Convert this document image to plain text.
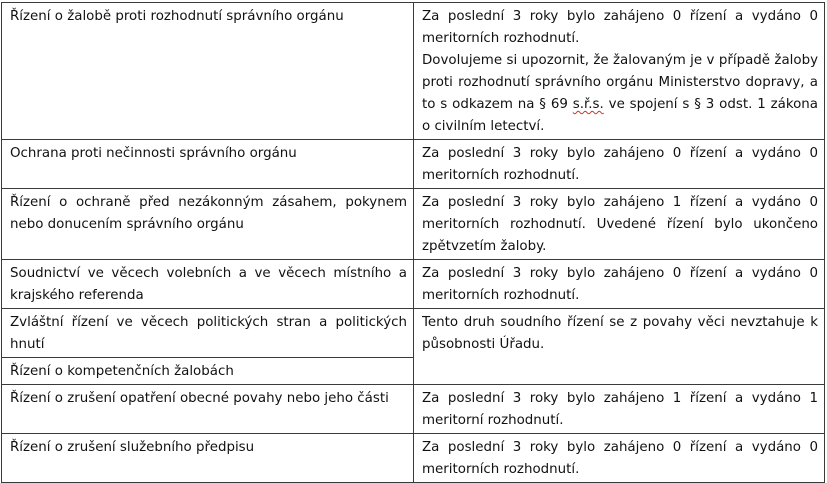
Řízení o žalobě proti rozhodnutí správního orgánu	Za poslední 3 roky bylo zahájeno 0 řízení a vydáno 0 meritorních rozhodnutí.
Dovolujeme si upozornit, že žalovaným je v případě žaloby proti rozhodnutí správního orgánu Ministerstvo dopravy, a to s odkazem na § 69 s.ř.s. ve spojení s § 3 odst. 1 zákona o civilním letectví.

Ochrana proti nečinnosti správního orgánu	Za poslední 3 roky bylo zahájeno 0 řízení a vydáno 0 meritorních rozhodnutí.
Řízení o ochraně před nezákonným zásahem, pokynem nebo donucením správního orgánu	Za poslední 3 roky bylo zahájeno 1 řízení a vydáno 0 meritorních rozhodnutí. Uvedené řízení bylo ukončeno zpětvzetím žaloby.
Soudnictví ve věcech volebních a ve věcech místního a krajského referenda	Za poslední 3 roky bylo zahájeno 0 řízení a vydáno 0 meritorních rozhodnutí.
Zvláštní řízení ve věcech politických stran a politických hnutí	Tento druh soudního řízení se z povahy věci nevztahuje k působnosti Úřadu.
Řízení o kompetenčních žalobách	
Řízení o zrušení opatření obecné povahy nebo jeho části	Za poslední 3 roky bylo zahájeno 1 řízení a vydáno 1 meritorní rozhodnutí.
Řízení o zrušení služebního předpisu	Za poslední 3 roky bylo zahájeno 0 řízení a vydáno 0 meritorních rozhodnutí.
